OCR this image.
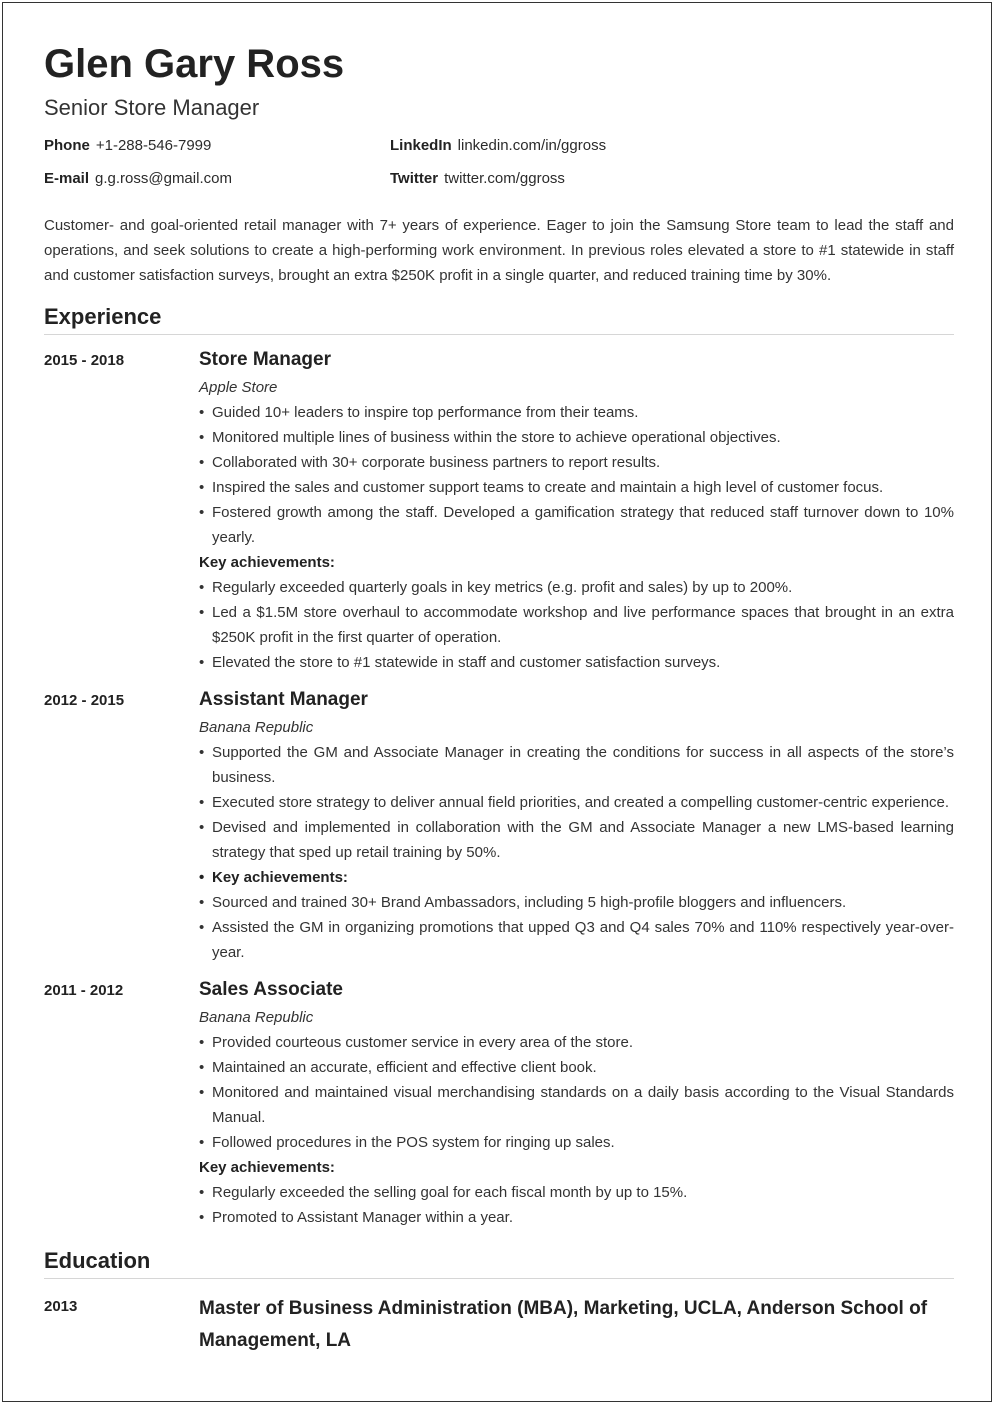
Glen Gary Ross
Senior Store Manager
Phone +1-288-546-7999	LinkedIn linkedin.com/in/ggross
E-mail g.g.ross@gmail.com	Twitter twitter.com/ggross
Customer- and goal-oriented retail manager with 7+ years of experience. Eager to join the Samsung Store team to lead the staff and operations, and seek solutions to create a high-performing work environment. In previous roles elevated a store to #1 statewide in staff and customer satisfaction surveys, brought an extra $250K profit in a single quarter, and reduced training time by 30%.
Experience
2015 - 2018	Store Manager
Apple Store
• Guided 10+ leaders to inspire top performance from their teams.
• Monitored multiple lines of business within the store to achieve operational objectives.
• Collaborated with 30+ corporate business partners to report results.
• Inspired the sales and customer support teams to create and maintain a high level of customer focus.
• Fostered growth among the staff. Developed a gamification strategy that reduced staff turnover down to 10% yearly.
Key achievements:
• Regularly exceeded quarterly goals in key metrics (e.g. profit and sales) by up to 200%.
• Led a $1.5M store overhaul to accommodate workshop and live performance spaces that brought in an extra $250K profit in the first quarter of operation.
• Elevated the store to #1 statewide in staff and customer satisfaction surveys.
2012 - 2015	Assistant Manager
Banana Republic
• Supported the GM and Associate Manager in creating the conditions for success in all aspects of the store’s business.
• Executed store strategy to deliver annual field priorities, and created a compelling customer-centric experience.
• Devised and implemented in collaboration with the GM and Associate Manager a new LMS-based learning strategy that sped up retail training by 50%.
• Key achievements:
• Sourced and trained 30+ Brand Ambassadors, including 5 high-profile bloggers and influencers.
• Assisted the GM in organizing promotions that upped Q3 and Q4 sales 70% and 110% respectively year-over-year.
2011 - 2012	Sales Associate
Banana Republic
• Provided courteous customer service in every area of the store.
• Maintained an accurate, efficient and effective client book.
• Monitored and maintained visual merchandising standards on a daily basis according to the Visual Standards Manual.
• Followed procedures in the POS system for ringing up sales.
Key achievements:
• Regularly exceeded the selling goal for each fiscal month by up to 15%.
• Promoted to Assistant Manager within a year.
Education
2013	Master of Business Administration (MBA), Marketing, UCLA, Anderson School of Management, LA
